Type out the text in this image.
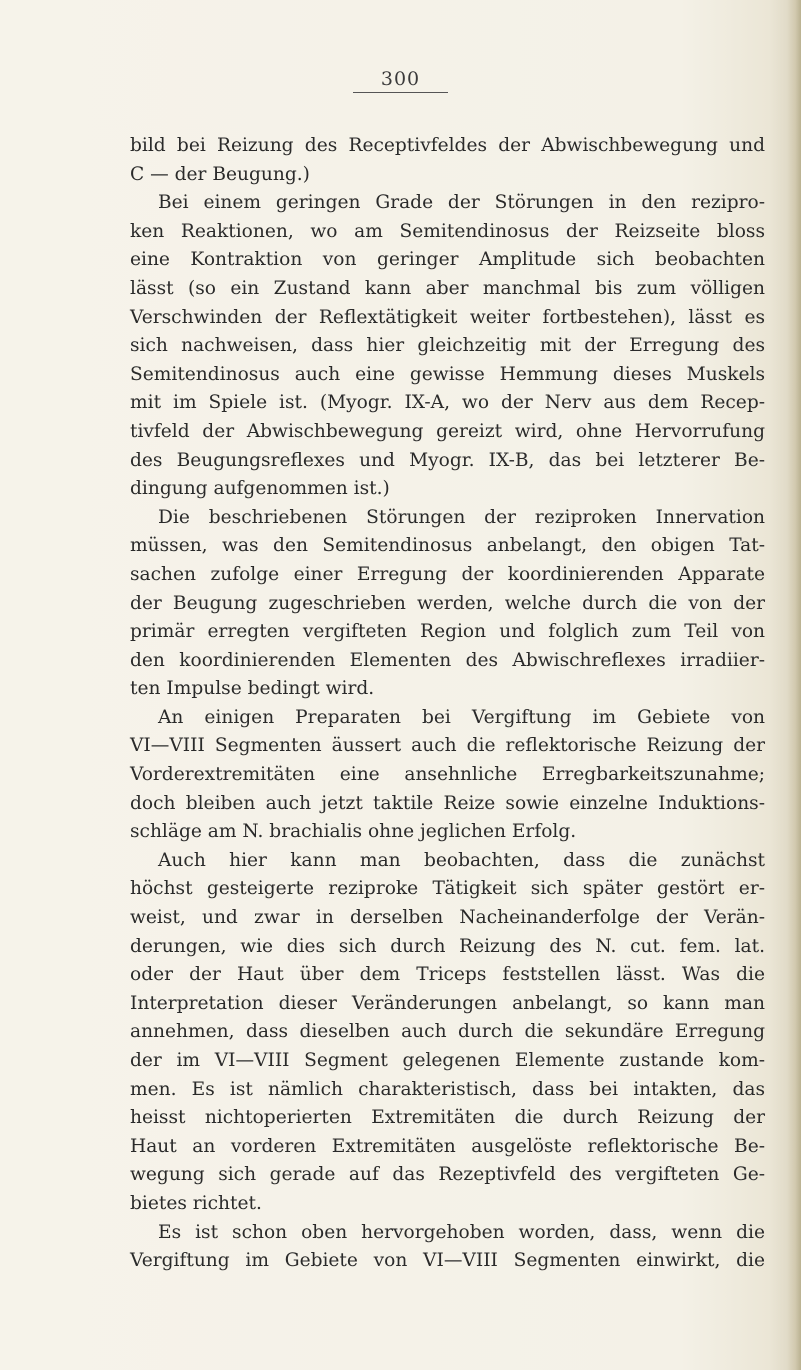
300

bild bei Reizung des Receptivfeldes der Abwischbewegung und
C — der Beugung.)

Bei einem geringen Grade der Störungen in den rezipro-
ken Reaktionen, wo am Semitendinosus der Reizseite bloss
eine Kontraktion von geringer Amplitude sich beobachten
lässt (so ein Zustand kann aber manchmal bis zum völligen
Verschwinden der Reflextätigkeit weiter fortbestehen), lässt es
sich nachweisen, dass hier gleichzeitig mit der Erregung des
Semitendinosus auch eine gewisse Hemmung dieses Muskels
mit im Spiele ist. (Myogr. IX-A, wo der Nerv aus dem Recep-
tivfeld der Abwischbewegung gereizt wird, ohne Hervorrufung
des Beugungsreflexes und Myogr. IX-B, das bei letzterer Be-
dingung aufgenommen ist.)

Die beschriebenen Störungen der reziproken Innervation
müssen, was den Semitendinosus anbelangt, den obigen Tat-
sachen zufolge einer Erregung der koordinierenden Apparate
der Beugung zugeschrieben werden, welche durch die von der
primär erregten vergifteten Region und folglich zum Teil von
den koordinierenden Elementen des Abwischreflexes irradiier-
ten Impulse bedingt wird.

An einigen Preparaten bei Vergiftung im Gebiete von
VI—VIII Segmenten äussert auch die reflektorische Reizung der
Vorderextremitäten eine ansehnliche Erregbarkeitszunahme;
doch bleiben auch jetzt taktile Reize sowie einzelne Induktions-
schläge am N. brachialis ohne jeglichen Erfolg.

Auch hier kann man beobachten, dass die zunächst
höchst gesteigerte reziproke Tätigkeit sich später gestört er-
weist, und zwar in derselben Nacheinanderfolge der Verän-
derungen, wie dies sich durch Reizung des N. cut. fem. lat.
oder der Haut über dem Triceps feststellen lässt. Was die
Interpretation dieser Veränderungen anbelangt, so kann man
annehmen, dass dieselben auch durch die sekundäre Erregung
der im VI—VIII Segment gelegenen Elemente zustande kom-
men. Es ist nämlich charakteristisch, dass bei intakten, das
heisst nichtoperierten Extremitäten die durch Reizung der
Haut an vorderen Extremitäten ausgelöste reflektorische Be-
wegung sich gerade auf das Rezeptivfeld des vergifteten Ge-
bietes richtet.

Es ist schon oben hervorgehoben worden, dass, wenn die
Vergiftung im Gebiete von VI—VIII Segmenten einwirkt, die
